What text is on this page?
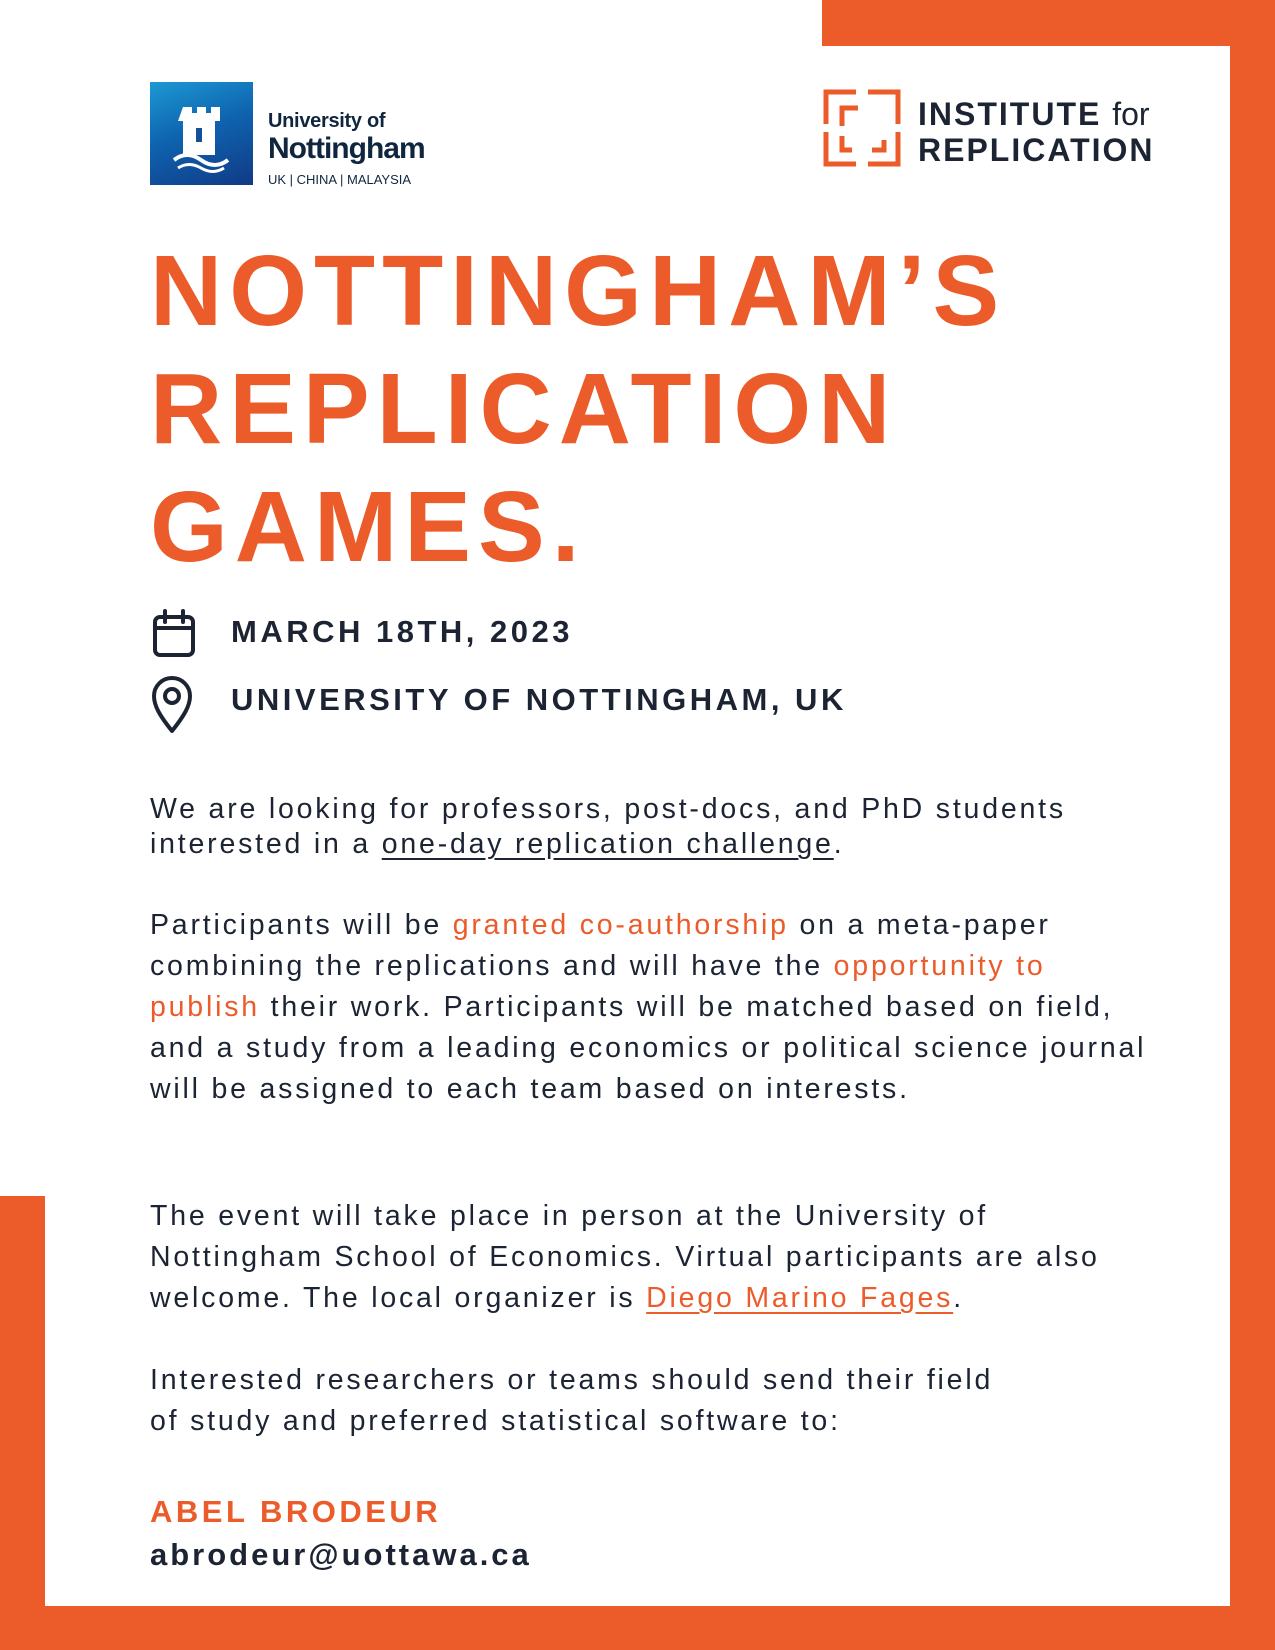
University of
Nottingham
UK | CHINA | MALAYSIA
INSTITUTE for
REPLICATION
NOTTINGHAM’S
REPLICATION
GAMES.
MARCH 18TH, 2023
UNIVERSITY OF NOTTINGHAM, UK

We are looking for professors, post-docs, and PhD students
interested in a one-day replication challenge.

Participants will be granted co-authorship on a meta-paper combining the replications and will have the opportunity to publish their work. Participants will be matched based on field, and a study from a leading economics or political science journal will be assigned to each team based on interests.

The event will take place in person at the University of Nottingham School of Economics. Virtual participants are also welcome. The local organizer is Diego Marino Fages.

Interested researchers or teams should send their field
of study and preferred statistical software to:

ABEL BRODEUR
abrodeur@uottawa.ca
